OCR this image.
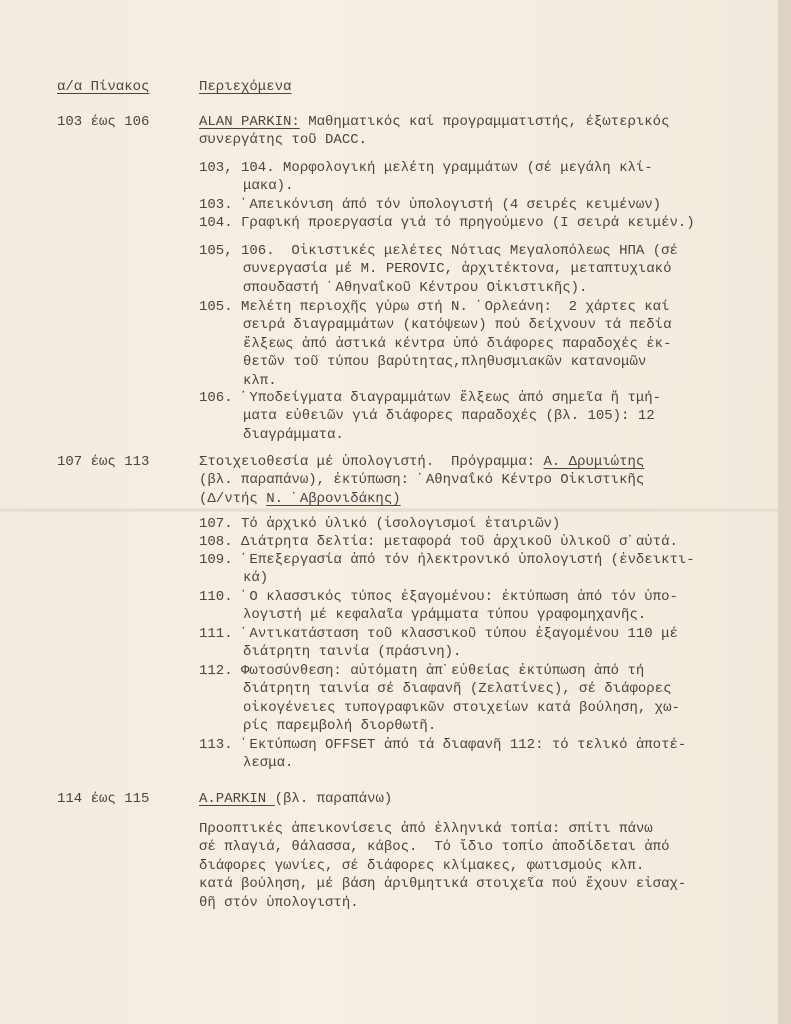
α/α Πίνακος	Περιεχόμενα
103 έως 106	ALAN PARKIN: Μαθηματικός καί προγραμματιστής, έξωτερικός
συνεργάτης τοῦ DACC.
103, 104. Μορφολογική μελέτη γραμμάτων (σέ μεγάλη κλί-
μακα).
103. ᾽Απεικόνιση άπό τόν ὑπολογιστή (4 σειρές κειμένων)
104. Γραφική προεργασία γιά τό πρηγούμενο (Ι σειρά κειμέν.)
105, 106.  Οἰκιστικές μελέτες Νότιας Μεγαλοπόλεως ΗΠΑ (σέ
συνεργασία μέ M. PEROVIC, ἀρχιτέκτονα, μεταπτυχιακό
σπουδαστή ᾽Αθηναΐκοῦ Κέντρου Οἰκιστικῆς).
105. Μελέτη περιοχῆς γύρω στή Ν. ᾽Ορλεάνη:  2 χάρτες καί
σειρά διαγραμμάτων (κατόψεων) πού δείχνουν τά πεδία
ἕλξεως ἀπό ἀστικά κέντρα ὑπό διάφορες παραδοχές ἐκ-
θετῶν τοῦ τύπου βαρύτητας,πληθυσμιακῶν κατανομῶν
κλπ.
106. ῾Υποδείγματα διαγραμμάτων ἕλξεως ἀπό σημεῖα ἤ τμή-
ματα εὐθειῶν γιά διάφορες παραδοχές (βλ. 105): 12
διαγράμματα.
107 έως 113	Στοιχειοθεσία μέ ὑπολογιστή.  Πρόγραμμα: Α. Δρυμιώτης
(βλ. παραπάνω), ἐκτύπωση: ᾽Αθηναΐκό Κέντρο Οἰκιστικῆς
(Δ/ντής Ν. ᾽Αβρονιδάκης)
107. Τό ἀρχικό ὑλικό (ἰσολογισμοί ἑταιριῶν)
108. Διάτρητα δελτία: μεταφορά τοῦ ἀρχικοῦ ὑλικοῦ σ᾽αὐτά.
109. ᾽Επεξεργασία ἀπό τόν ἠλεκτρονικό ὑπολογιστή (ἐνδεικτι-
κά)
110. ῾Ο κλασσικός τύπος ἐξαγομένου: ἐκτύπωση ἀπό τόν ὑπο-
λογιστή μέ κεφαλαῖα γράμματα τύπου γραφομηχανῆς.
111. ᾽Αντικατάσταση τοῦ κλασσικοῦ τύπου ἐξαγομένου 110 μέ
διάτρητη ταινία (πράσινη).
112. Φωτοσύνθεση: αὐτόματη ἀπ᾽εὐθείας ἐκτύπωση ἀπό τή
διάτρητη ταινία σέ διαφανῆ (Ζελατίνες), σέ διάφορες
οἰκογένειες τυπογραφικῶν στοιχείων κατά βούληση, χω-
ρίς παρεμβολή διορθωτῆ.
113. ᾽Εκτύπωση OFFSET ἀπό τά διαφανῆ 112: τό τελικό ἀποτέ-
λεσμα.
114 έως 115	A.PARKIN (βλ. παραπάνω)
Προοπτικές ἀπεικονίσεις ἀπό ἑλληνικά τοπία: σπίτι πάνω
σέ πλαγιά, θάλασσα, κάβος.  Τό ἴδιο τοπίο ἀποδίδεται ἀπό
διάφορες γωνίες, σέ διάφορες κλίμακες, φωτισμούς κλπ.
κατά βούληση, μέ βάση ἀριθμητικά στοιχεῖα πού ἔχουν εἰσαχ-
θῆ στόν ὑπολογιστή.
